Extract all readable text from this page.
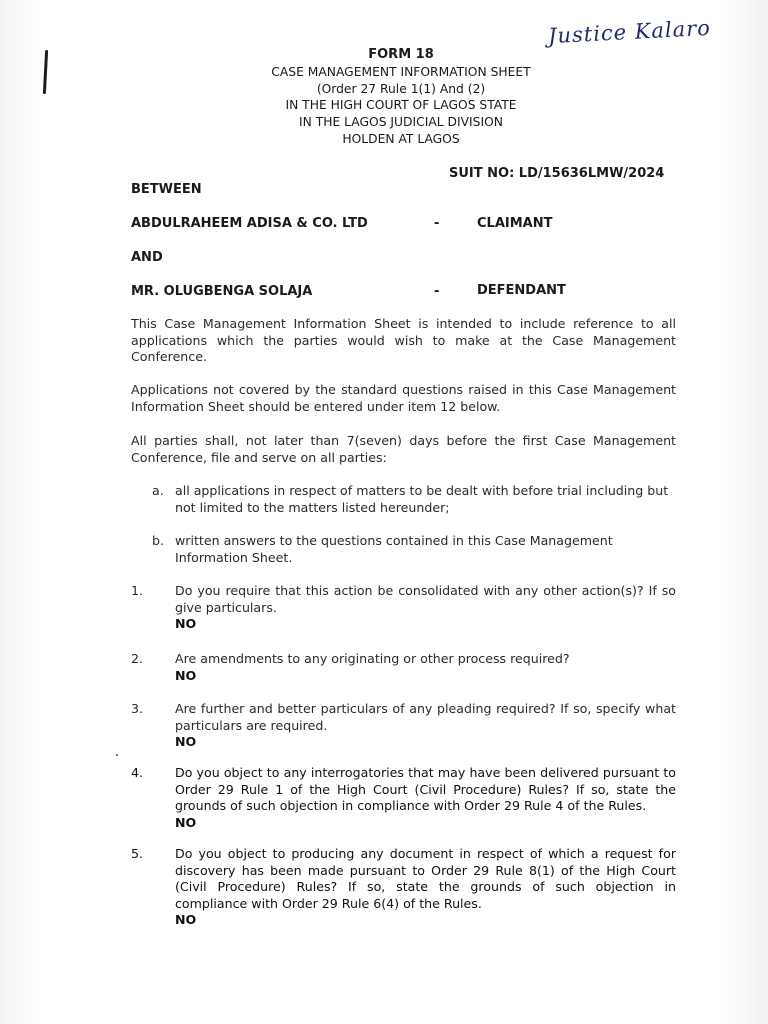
Justice Kalaro
FORM 18
CASE MANAGEMENT INFORMATION SHEET
(Order 27 Rule 1(1) And (2)
IN THE HIGH COURT OF LAGOS STATE
IN THE LAGOS JUDICIAL DIVISION
HOLDEN AT LAGOS
SUIT NO: LD/15636LMW/2024
BETWEEN
ABDULRAHEEM ADISA & CO. LTD	-	CLAIMANT
AND
MR. OLUGBENGA SOLAJA	-	DEFENDANT
This Case Management Information Sheet is intended to include reference to all applications which the parties would wish to make at the Case Management Conference.
Applications not covered by the standard questions raised in this Case Management Information Sheet should be entered under item 12 below.
All parties shall, not later than 7(seven) days before the first Case Management Conference, file and serve on all parties:
a. all applications in respect of matters to be dealt with before trial including but not limited to the matters listed hereunder;
b. written answers to the questions contained in this Case Management Information Sheet.
1.	Do you require that this action be consolidated with any other action(s)? If so give particulars.
NO
2.	Are amendments to any originating or other process required?
NO
3.	Are further and better particulars of any pleading required? If so, specify what particulars are required.
NO
4.	Do you object to any interrogatories that may have been delivered pursuant to Order 29 Rule 1 of the High Court (Civil Procedure) Rules? If so, state the grounds of such objection in compliance with Order 29 Rule 4 of the Rules.
NO
5.	Do you object to producing any document in respect of which a request for discovery has been made pursuant to Order 29 Rule 8(1) of the High Court (Civil Procedure) Rules? If so, state the grounds of such objection in compliance with Order 29 Rule 6(4) of the Rules.
NO
